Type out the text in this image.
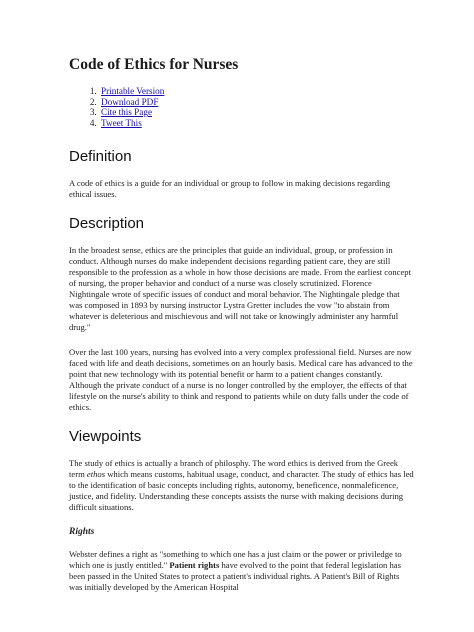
Code of Ethics for Nurses
1. Printable Version
2. Download PDF
3. Cite this Page
4. Tweet This
Definition

A code of ethics is a guide for an individual or group to follow in making decisions regarding ethical issues.

Description

In the broadest sense, ethics are the principles that guide an individual, group, or profession in conduct. Although nurses do make independent decisions regarding patient care, they are still responsible to the profession as a whole in how those decisions are made. From the earliest concept of nursing, the proper behavior and conduct of a nurse was closely scrutinized. Florence Nightingale wrote of specific issues of conduct and moral behavior. The Nightingale pledge that was composed in 1893 by nursing instructor Lystra Gretter includes the vow "to abstain from whatever is deleterious and mischievous and will not take or knowingly administer any harmful drug."

Over the last 100 years, nursing has evolved into a very complex professional field. Nurses are now faced with life and death decisions, sometimes on an hourly basis. Medical care has advanced to the point that new technology with its potential benefit or harm to a patient changes constantly. Although the private conduct of a nurse is no longer controlled by the employer, the effects of that lifestyle on the nurse's ability to think and respond to patients while on duty falls under the code of ethics.

Viewpoints

The study of ethics is actually a branch of philosphy. The word ethics is derived from the Greek term ethos which means customs, habitual usage, conduct, and character. The study of ethics has led to the identification of basic concepts including rights, autonomy, beneficence, nonmaleficence, justice, and fidelity. Understanding these concepts assists the nurse with making decisions during difficult situations.

Rights

Webster defines a right as "something to which one has a just claim or the power or priviledge to which one is justly entitled." Patient rights have evolved to the point that federal legislation has been passed in the United States to protect a patient's individual rights. A Patient's Bill of Rights was initially developed by the American Hospital
